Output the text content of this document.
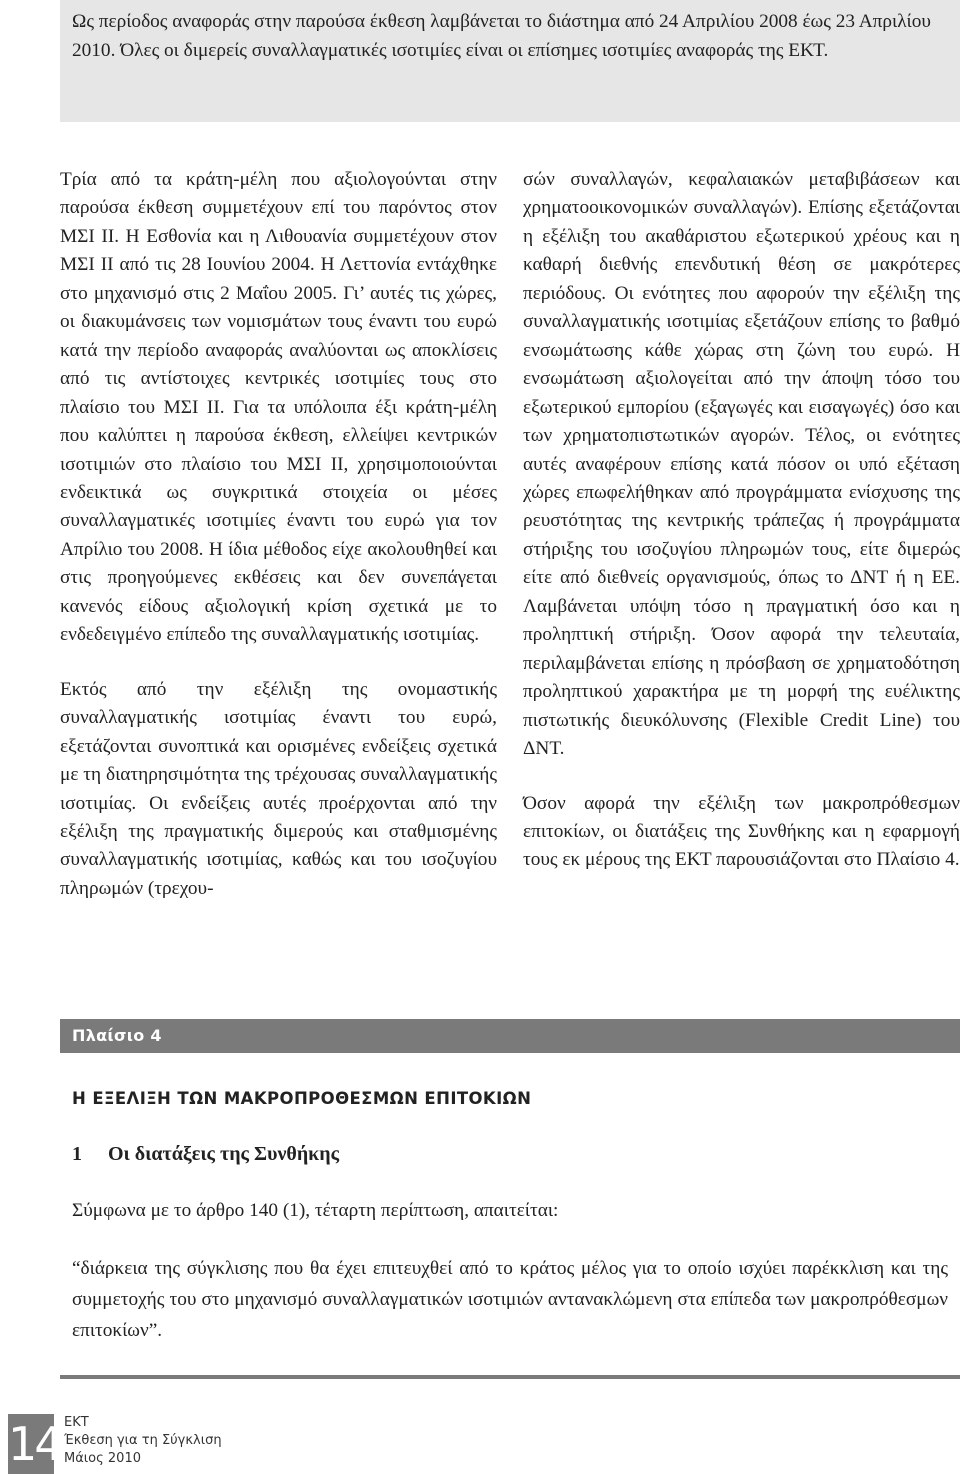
Ως περίοδος αναφοράς στην παρούσα έκθεση λαμβάνεται το διάστημα από 24 Απριλίου 2008 έως 23 Απριλίου 2010. Όλες οι διμερείς συναλλαγματικές ισοτιμίες είναι οι επίσημες ισοτιμίες αναφοράς της ΕΚΤ.

Τρία από τα κράτη-μέλη που αξιολογούνται στην παρούσα έκθεση συμμετέχουν επί του παρόντος στον ΜΣΙ ΙΙ. Η Εσθονία και η Λιθουανία συμμετέχουν στον ΜΣΙ ΙΙ από τις 28 Ιουνίου 2004. Η Λεττονία εντάχθηκε στο μηχανισμό στις 2 Μαΐου 2005. Γι’ αυτές τις χώρες, οι διακυμάνσεις των νομισμάτων τους έναντι του ευρώ κατά την περίοδο αναφοράς αναλύονται ως αποκλίσεις από τις αντίστοιχες κεντρικές ισοτιμίες τους στο πλαίσιο του ΜΣΙ ΙΙ. Για τα υπόλοιπα έξι κράτη-μέλη που καλύπτει η παρούσα έκθεση, ελλείψει κεντρικών ισοτιμιών στο πλαίσιο του ΜΣΙ ΙΙ, χρησιμοποιούνται ενδεικτικά ως συγκριτικά στοιχεία οι μέσες συναλλαγματικές ισοτιμίες έναντι του ευρώ για τον Απρίλιο του 2008. Η ίδια μέθοδος είχε ακολουθηθεί και στις προηγούμενες εκθέσεις και δεν συνεπάγεται κανενός είδους αξιολογική κρίση σχετικά με το ενδεδειγμένο επίπεδο της συναλλαγματικής ισοτιμίας.

Εκτός από την εξέλιξη της ονομαστικής συναλλαγματικής ισοτιμίας έναντι του ευρώ, εξετάζονται συνοπτικά και ορισμένες ενδείξεις σχετικά με τη διατηρησιμότητα της τρέχουσας συναλλαγματικής ισοτιμίας. Οι ενδείξεις αυτές προέρχονται από την εξέλιξη της πραγματικής διμερούς και σταθμισμένης συναλλαγματικής ισοτιμίας, καθώς και του ισοζυγίου πληρωμών (τρεχου-

σών συναλλαγών, κεφαλαιακών μεταβιβάσεων και χρηματοοικονομικών συναλλαγών). Επίσης εξετάζονται η εξέλιξη του ακαθάριστου εξωτερικού χρέους και η καθαρή διεθνής επενδυτική θέση σε μακρότερες περιόδους. Οι ενότητες που αφορούν την εξέλιξη της συναλλαγματικής ισοτιμίας εξετάζουν επίσης το βαθμό ενσωμάτωσης κάθε χώρας στη ζώνη του ευρώ. Η ενσωμάτωση αξιολογείται από την άποψη τόσο του εξωτερικού εμπορίου (εξαγωγές και εισαγωγές) όσο και των χρηματοπιστωτικών αγορών. Τέλος, οι ενότητες αυτές αναφέρουν επίσης κατά πόσον οι υπό εξέταση χώρες επωφελήθηκαν από προγράμματα ενίσχυσης της ρευστότητας της κεντρικής τράπεζας ή προγράμματα στήριξης του ισοζυγίου πληρωμών τους, είτε διμερώς είτε από διεθνείς οργανισμούς, όπως το ΔΝΤ ή η ΕΕ. Λαμβάνεται υπόψη τόσο η πραγματική όσο και η προληπτική στήριξη. Όσον αφορά την τελευταία, περιλαμβάνεται επίσης η πρόσβαση σε χρηματοδότηση προληπτικού χαρακτήρα με τη μορφή της ευέλικτης πιστωτικής διευκόλυνσης (Flexible Credit Line) του ΔΝΤ.

Όσον αφορά την εξέλιξη των μακροπρόθεσμων επιτοκίων, οι διατάξεις της Συνθήκης και η εφαρμογή τους εκ μέρους της ΕΚΤ παρουσιάζονται στο Πλαίσιο 4.

Πλαίσιο 4
Η ΕΞΕΛΙΞΗ ΤΩΝ ΜΑΚΡΟΠΡΟΘΕΣΜΩΝ ΕΠΙΤΟΚΙΩΝ
1 Οι διατάξεις της Συνθήκης
Σύμφωνα με το άρθρο 140 (1), τέταρτη περίπτωση, απαιτείται:
“διάρκεια της σύγκλισης που θα έχει επιτευχθεί από το κράτος μέλος για το οποίο ισχύει παρέκκλιση και της συμμετοχής του στο μηχανισμό συναλλαγματικών ισοτιμιών αντανακλώμενη στα επίπεδα των μακροπρόθεσμων επιτοκίων”.
14 ΕΚΤ
Έκθεση για τη Σύγκλιση
Μάιος 2010
